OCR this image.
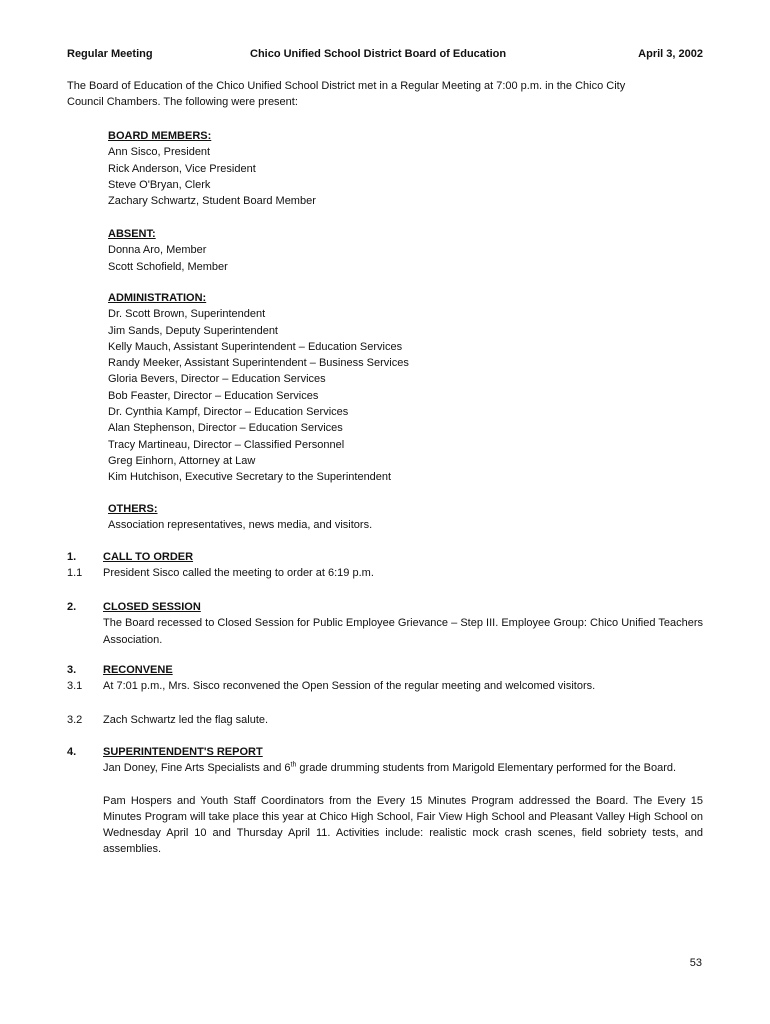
Regular Meeting	Chico Unified School District Board of Education	April 3, 2002
The Board of Education of the Chico Unified School District met in a Regular Meeting at 7:00 p.m. in the Chico City
Council Chambers. The following were present:
BOARD MEMBERS:
Ann Sisco, President
Rick Anderson, Vice President
Steve O'Bryan, Clerk
Zachary Schwartz, Student Board Member
ABSENT:
Donna Aro, Member
Scott Schofield, Member
ADMINISTRATION:
Dr. Scott Brown, Superintendent
Jim Sands, Deputy Superintendent
Kelly Mauch, Assistant Superintendent – Education Services
Randy Meeker, Assistant Superintendent – Business Services
Gloria Bevers, Director – Education Services
Bob Feaster, Director – Education Services
Dr. Cynthia Kampf, Director – Education Services
Alan Stephenson, Director – Education Services
Tracy Martineau, Director – Classified Personnel
Greg Einhorn, Attorney at Law
Kim Hutchison, Executive Secretary to the Superintendent
OTHERS:
Association representatives, news media, and visitors.
1.	CALL TO ORDER
1.1	President Sisco called the meeting to order at 6:19 p.m.
2.	CLOSED SESSION
The Board recessed to Closed Session for Public Employee Grievance – Step III. Employee Group: Chico Unified Teachers Association.
3.	RECONVENE
3.1	At 7:01 p.m., Mrs. Sisco reconvened the Open Session of the regular meeting and welcomed visitors.
3.2	Zach Schwartz led the flag salute.
4.	SUPERINTENDENT'S REPORT
Jan Doney, Fine Arts Specialists and 6th grade drumming students from Marigold Elementary performed for the Board.
Pam Hospers and Youth Staff Coordinators from the Every 15 Minutes Program addressed the Board. The Every 15 Minutes Program will take place this year at Chico High School, Fair View High School and Pleasant Valley High School on Wednesday April 10 and Thursday April 11. Activities include: realistic mock crash scenes, field sobriety tests, and assemblies.
53
